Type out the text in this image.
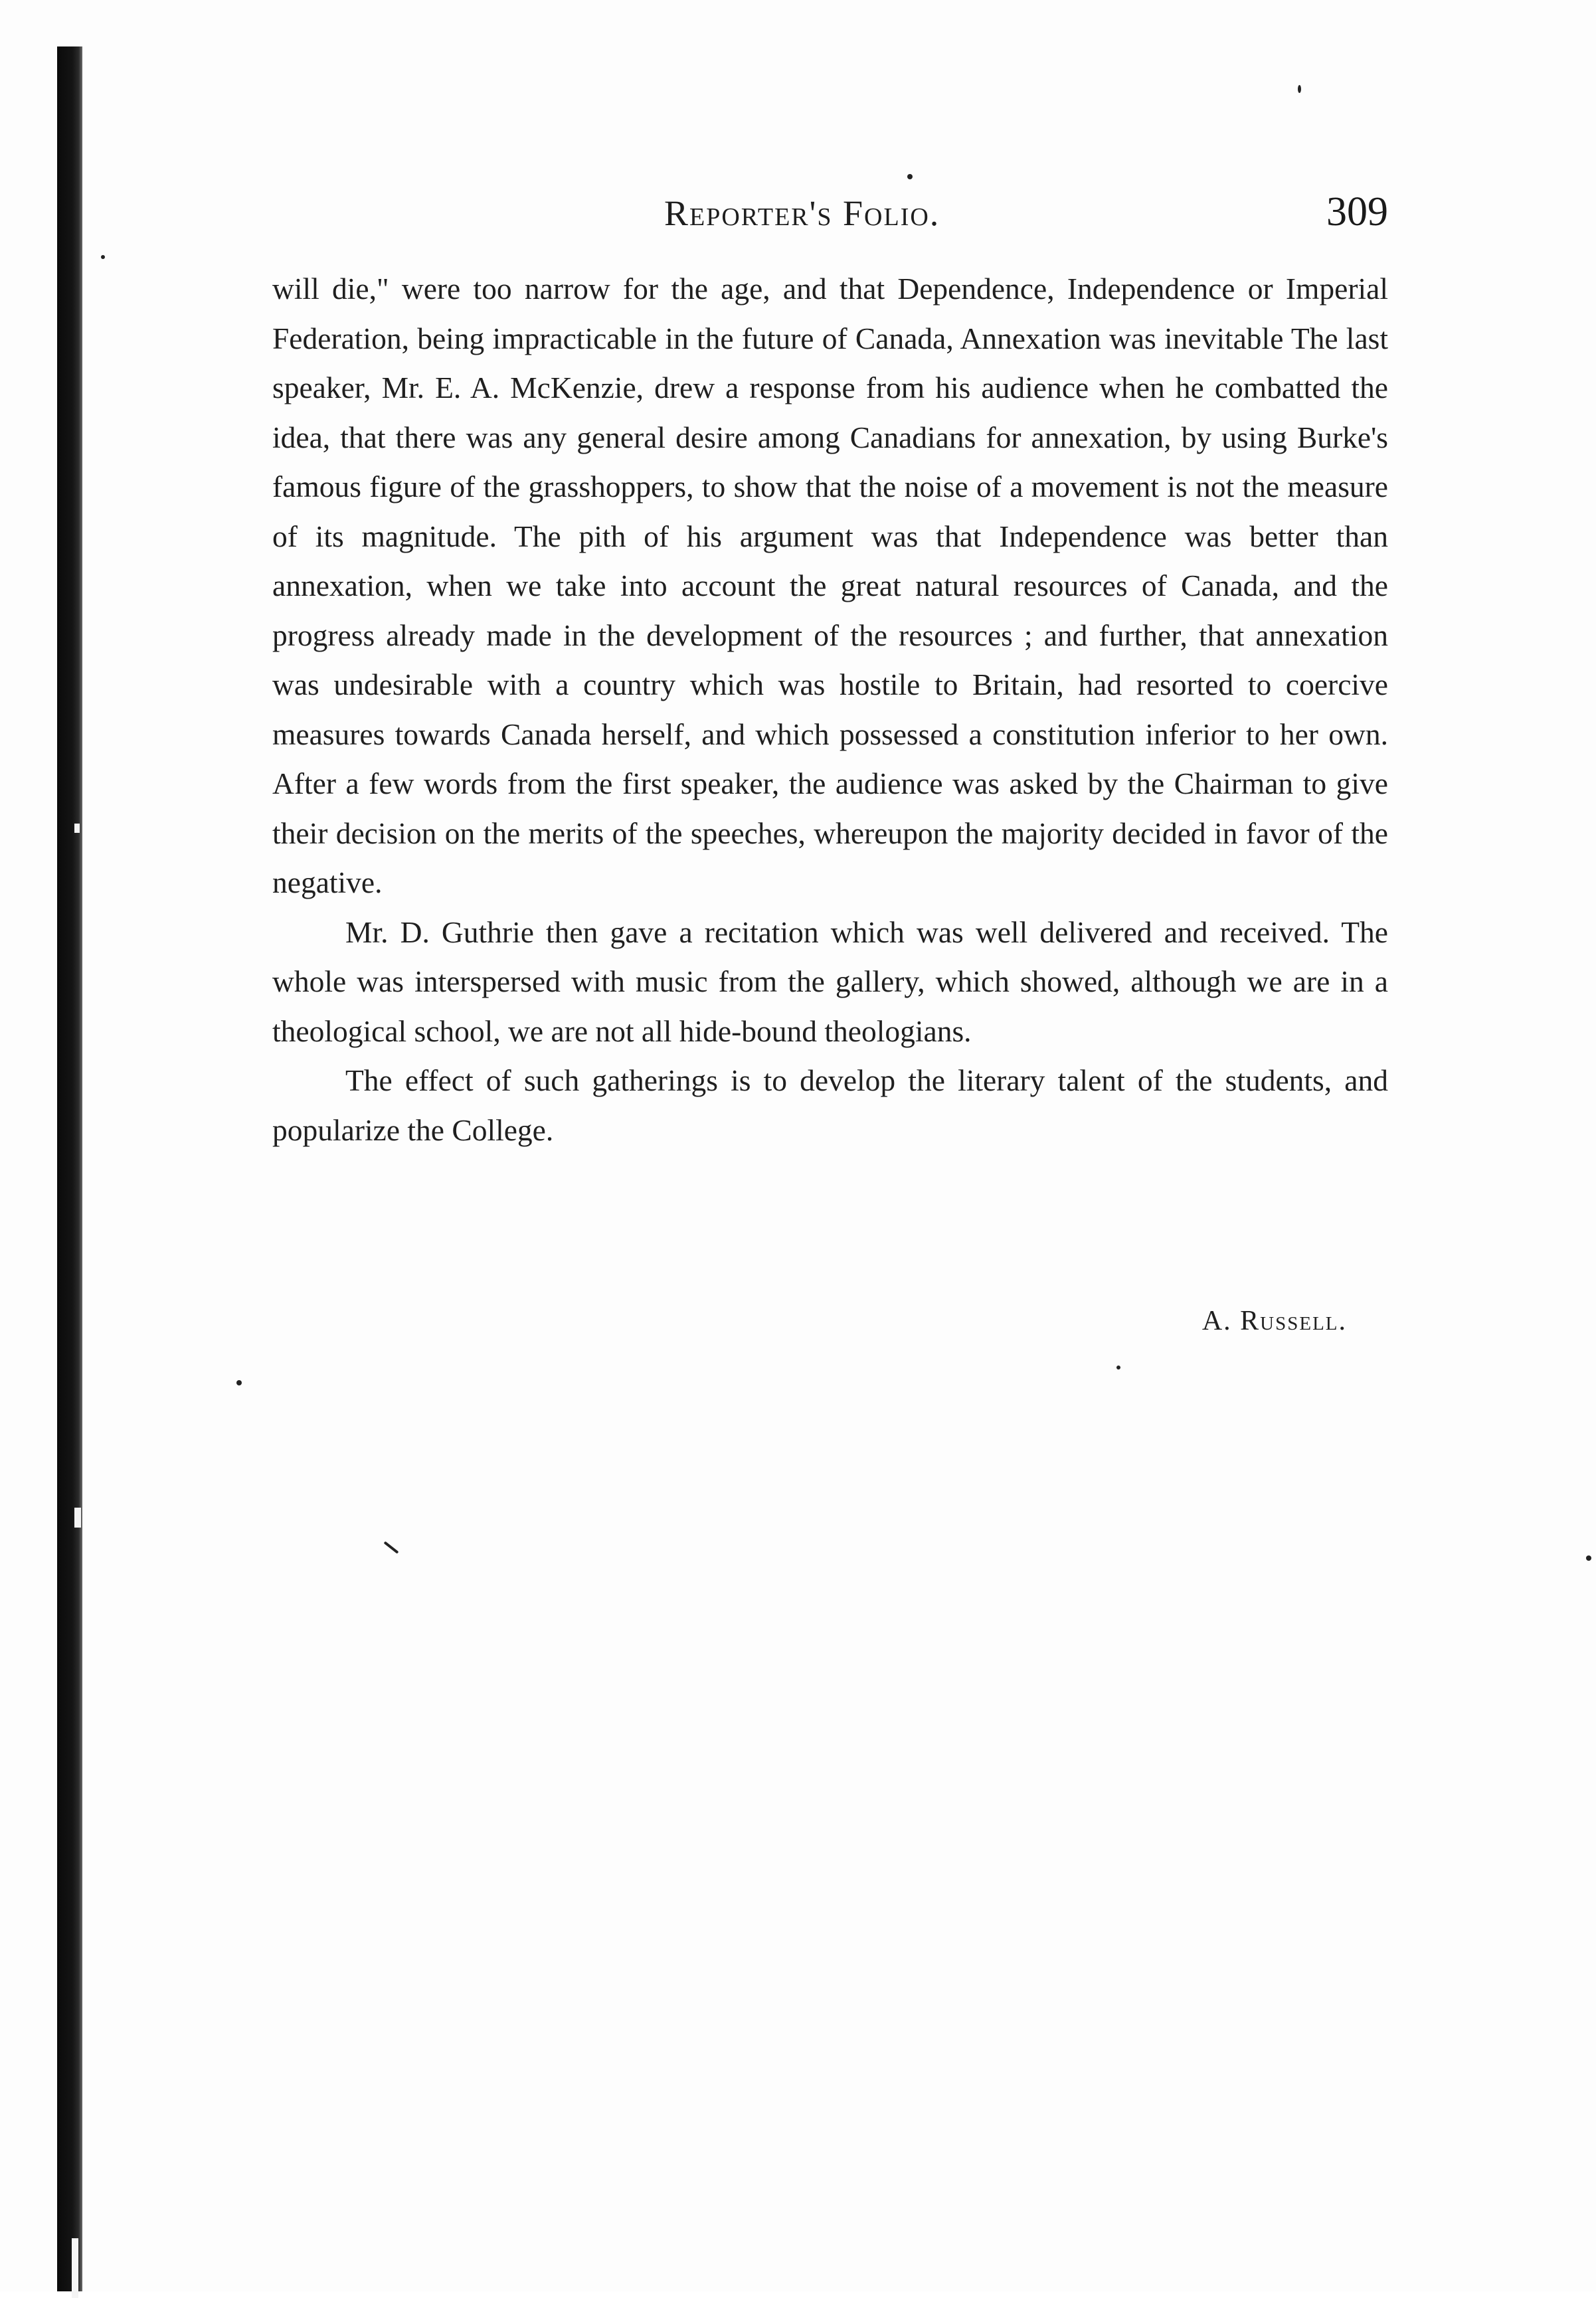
Reporter's Folio.	309

will die," were too narrow for the age, and that Dependence, Independence or Imperial Federation, being impracticable in the future of Canada, Annexation was inevitable The last speaker, Mr. E. A. McKenzie, drew a response from his audience when he combatted the idea, that there was any general desire among Canadians for annexation, by using Burke's famous figure of the grasshoppers, to show that the noise of a movement is not the measure of its magnitude. The pith of his argument was that Independence was better than annexation, when we take into account the great natural resources of Canada, and the progress already made in the development of the resources ; and further, that annexation was undesirable with a country which was hostile to Britain, had resorted to coercive measures towards Canada herself, and which possessed a constitution inferior to her own. After a few words from the first speaker, the audience was asked by the Chairman to give their decision on the merits of the speeches, whereupon the majority decided in favor of the negative.

Mr. D. Guthrie then gave a recitation which was well delivered and received. The whole was interspersed with music from the gallery, which showed, although we are in a theological school, we are not all hide-bound theologians.

The effect of such gatherings is to develop the literary talent of the students, and popularize the College.

A. Russell.
